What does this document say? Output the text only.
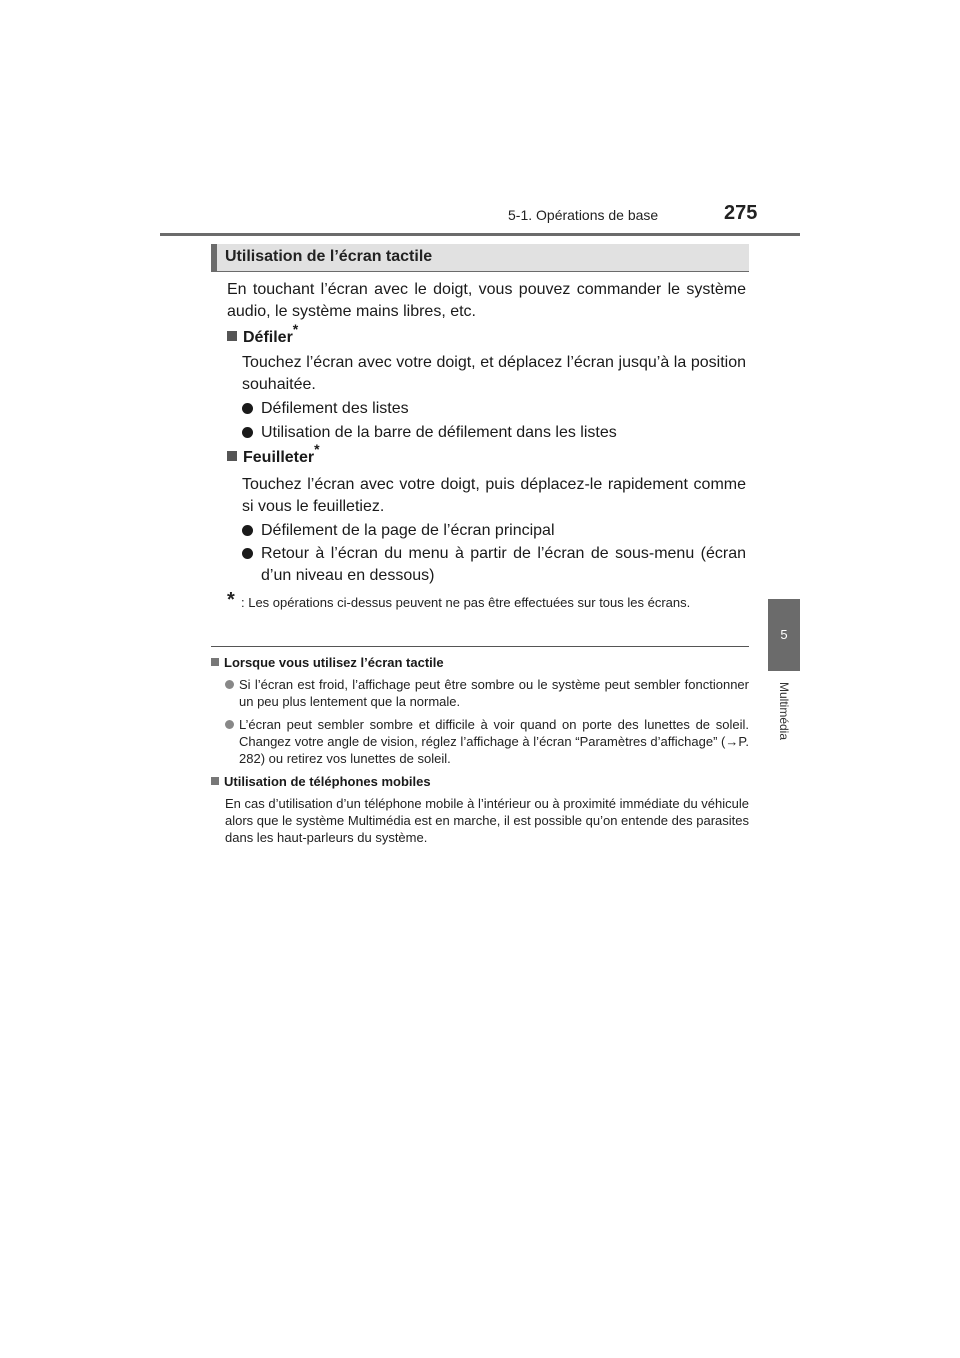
5-1. Opérations de base	275
5
Multimédia
Utilisation de l’écran tactile
En touchant l’écran avec le doigt, vous pouvez commander le système audio, le système mains libres, etc.
Défiler*
Touchez l’écran avec votre doigt, et déplacez l’écran jusqu’à la position souhaitée.
Défilement des listes
Utilisation de la barre de défilement dans les listes
Feuilleter*
Touchez l’écran avec votre doigt, puis déplacez-le rapidement comme si vous le feuilletiez.
Défilement de la page de l’écran principal
Retour à l’écran du menu à partir de l’écran de sous-menu (écran d’un niveau en dessous)
* : Les opérations ci-dessus peuvent ne pas être effectuées sur tous les écrans.
Lorsque vous utilisez l’écran tactile
Si l’écran est froid, l’affichage peut être sombre ou le système peut sembler fonctionner un peu plus lentement que la normale.
L’écran peut sembler sombre et difficile à voir quand on porte des lunettes de soleil. Changez votre angle de vision, réglez l’affichage à l’écran “Paramètres d’affichage” (→P. 282) ou retirez vos lunettes de soleil.
Utilisation de téléphones mobiles
En cas d’utilisation d’un téléphone mobile à l’intérieur ou à proximité immédiate du véhicule alors que le système Multimédia est en marche, il est possible qu’on entende des parasites dans les haut-parleurs du système.
